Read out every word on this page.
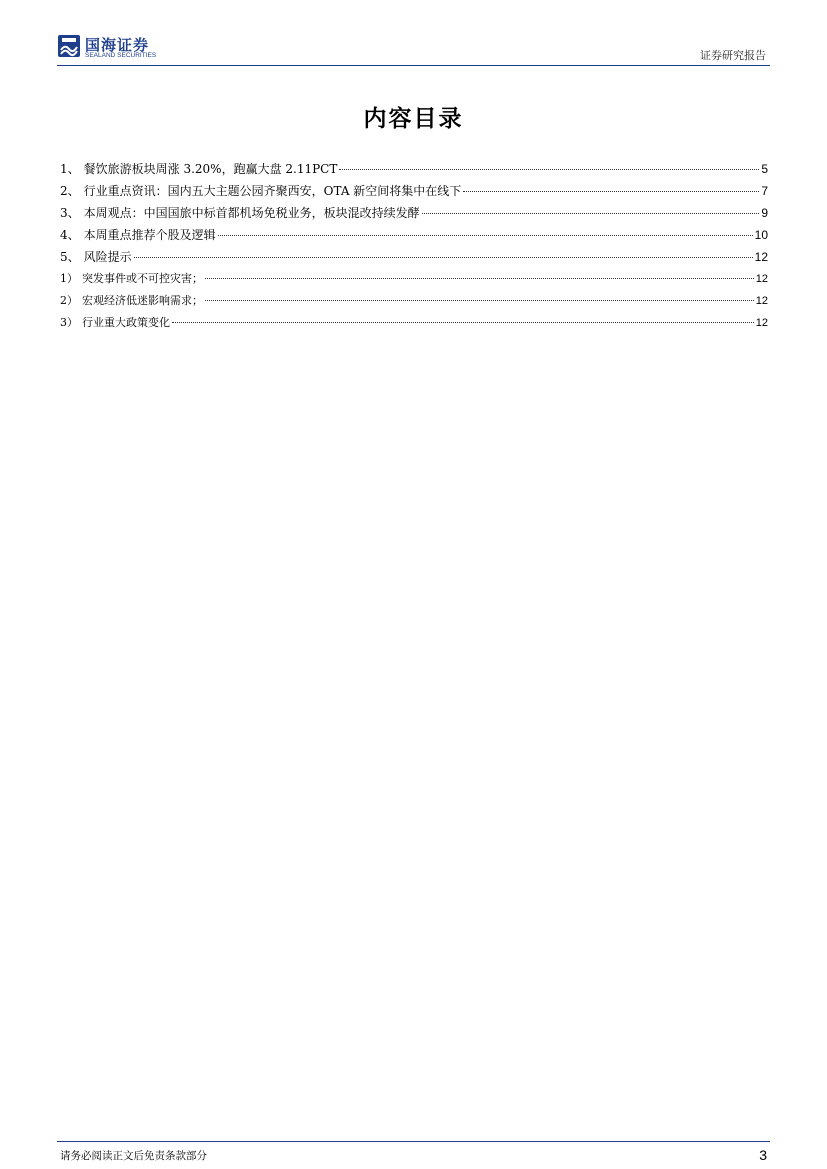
国海证券
SEALAND SECURITIES	证券研究报告
内容目录
1、 餐饮旅游板块周涨 3.20%，跑赢大盘 2.11PCT	5
2、 行业重点资讯：国内五大主题公园齐聚西安，OTA 新空间将集中在线下	7
3、 本周观点：中国国旅中标首都机场免税业务，板块混改持续发酵	9
4、 本周重点推荐个股及逻辑	10
5、 风险提示	12
1） 突发事件或不可控灾害；	12
2） 宏观经济低迷影响需求；	12
3） 行业重大政策变化	12
请务必阅读正文后免责条款部分	3
